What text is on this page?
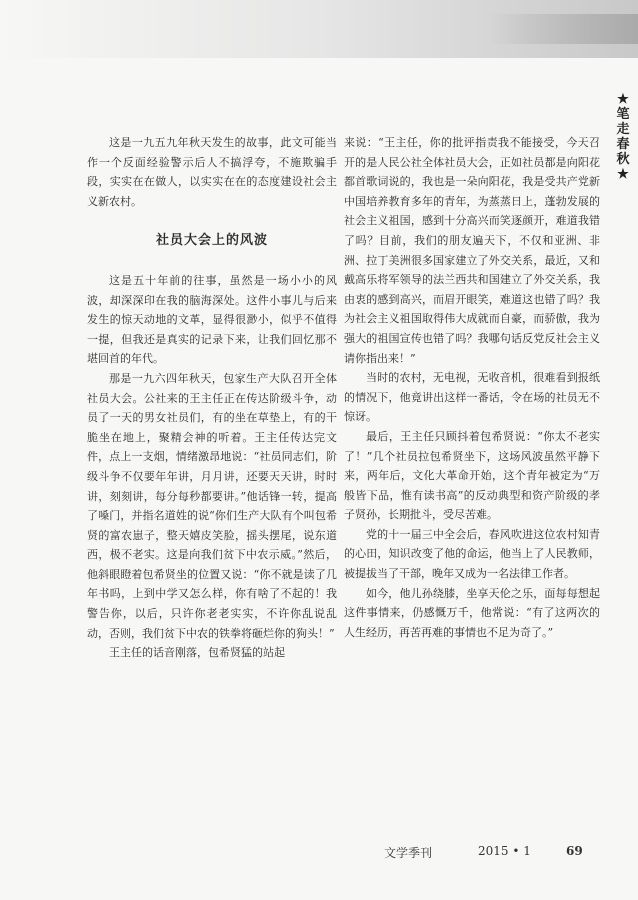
★
笔
走
春
秋
★

这是一九五九年秋天发生的故事，此文可能当作一个反面经验警示后人不搞浮夸，不施欺骗手段，实实在在做人，以实实在在的态度建设社会主义新农村。

社员大会上的风波

这是五十年前的往事，虽然是一场小小的风波，却深深印在我的脑海深处。这件小事儿与后来发生的惊天动地的文革，显得很渺小，似乎不值得一提，但我还是真实的记录下来，让我们回忆那不堪回首的年代。

那是一九六四年秋天，包家生产大队召开全体社员大会。公社来的王主任正在传达阶级斗争，动员了一天的男女社员们，有的坐在草垫上，有的干脆坐在地上，聚精会神的听着。王主任传达完文件，点上一支烟，情绪激昂地说：“社员同志们，阶级斗争不仅要年年讲，月月讲，还要天天讲，时时讲，刻刻讲，每分每秒都要讲。”他话锋一转，提高了嗓门，并指名道姓的说“你们生产大队有个叫包希贤的富农崽子，整天嬉皮笑脸，摇头摆尾，说东道西，极不老实。这是向我们贫下中农示威。”然后，他斜眼瞪着包希贤坐的位置又说：“你不就是读了几年书吗，上到中学又怎么样，你有啥了不起的！我警告你，以后，只许你老老实实，不许你乱说乱动，否则，我们贫下中农的铁拳将砸烂你的狗头！”

王主任的话音刚落，包希贤猛的站起

来说：“王主任，你的批评指责我不能接受，今天召开的是人民公社全体社员大会，正如社员都是向阳花都首歌词说的，我也是一朵向阳花，我是受共产党新中国培养教育多年的青年，为蒸蒸日上，蓬勃发展的社会主义祖国，感到十分高兴而笑逐颜开，难道我错了吗？目前，我们的朋友遍天下，不仅和亚洲、非洲、拉丁美洲很多国家建立了外交关系，最近，又和戴高乐将军领导的法兰西共和国建立了外交关系，我由衷的感到高兴，而眉开眼笑，难道这也错了吗？我为社会主义祖国取得伟大成就而自豪，而骄傲，我为强大的祖国宣传也错了吗？我哪句话反党反社会主义请你指出来！”

当时的农村，无电视，无收音机，很难看到报纸的情况下，他竟讲出这样一番话，令在场的社员无不惊讶。

最后，王主任只顾抖着包希贤说：“你太不老实了！”几个社员拉包希贤坐下，这场风波虽然平静下来，两年后，文化大革命开始，这个青年被定为“万般皆下品，惟有读书高”的反动典型和资产阶级的孝子贤孙，长期批斗，受尽苦难。

党的十一届三中全会后，春风吹进这位农村知青的心田，知识改变了他的命运，他当上了人民教师，被提拔当了干部，晚年又成为一名法律工作者。

如今，他儿孙绕膝，坐享天伦之乐，面每每想起这件事情来，仍感慨万千，他常说：“有了这两次的人生经历，再苦再难的事情也不足为奇了。”

文学季刊	2015 • 1	69
